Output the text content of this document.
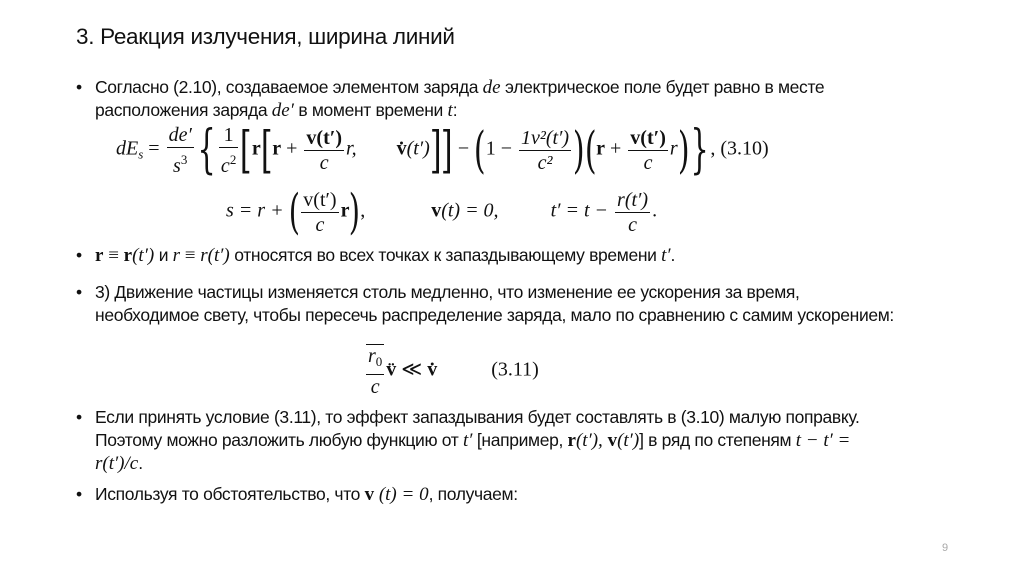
3. Реакция излучения, ширина линий
• Согласно (2.10), создаваемое элементом заряда de электрическое поле будет равно в месте расположения заряда de′ в момент времени t:
$dE_s = \frac{de'}{s^3}$ { $\frac{1}{c^2} [r[r + \frac{v(t')}{c} r$, v̇(t′)]] − $(1 - \frac{\text{1v²(t′)}}{\text{c²}} )(r + \frac{v(t')}{c} r)$}, (3.10)
s = r + ( $\frac{v(t')}{c} r$),	v(t) = 0,	$t' = t - \frac{r(t')}{c}$ .
• r ≡ r(t′) и r ≡ r(t′) относятся во всех точках к запаздывающему времени t′.
• 3) Движение частицы изменяется столь медленно, что изменение ее ускорения за время, необходимое свету, чтобы пересечь распределение заряда, мало по сравнению с самим ускорением:
$\frac{r_0}{c}$ v̈ ≪ v̇	(3.11)
• Если принять условие (3.11), то эффект запаздывания будет составлять в (3.10) малую поправку. Поэтому можно разложить любую функцию от t′ [например, r(t′), v(t′)] в ряд по степеням t − t′ = r(t′)/c.
• Используя то обстоятельство, что v (t) = 0, получаем:
9
